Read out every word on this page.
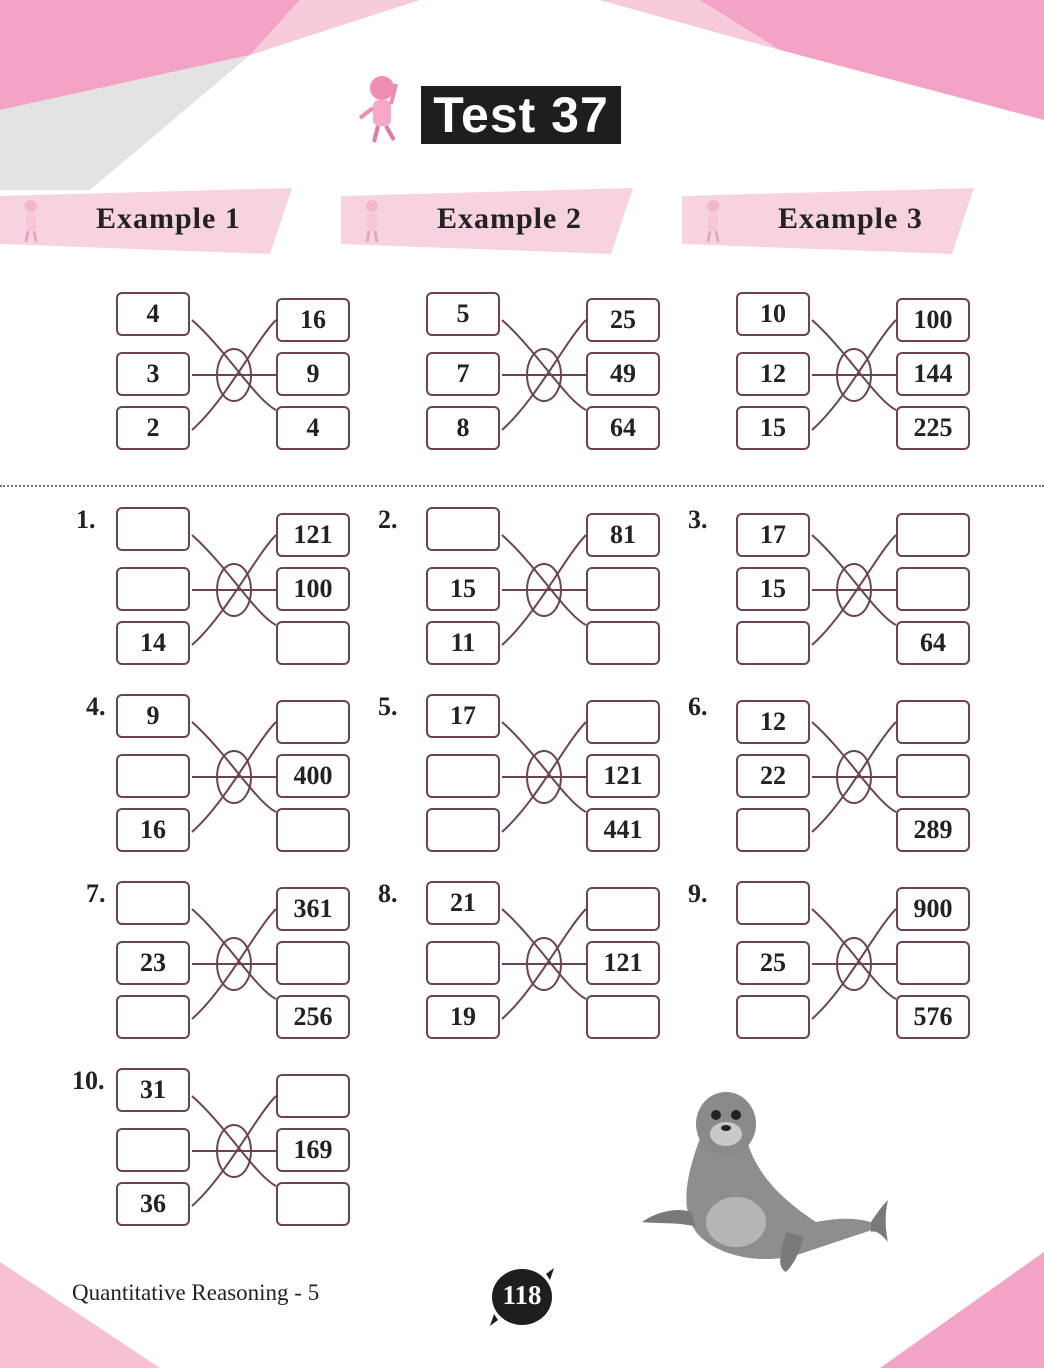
Test 37
Example 1	Example 2	Example 3
4
3
2
16
9
4
5
7
8
25
49
64
10
12
15
100
144
225
1.
14
121
100
2.
15
11
81
3.
17
15
64
4.	9
16
400
5.	17
121
441
6.
12
22
289
7.
23
361
256
8.	21
19
121
9.
25
900
576
10.	31
36
169
Quantitative Reasoning - 5	118
